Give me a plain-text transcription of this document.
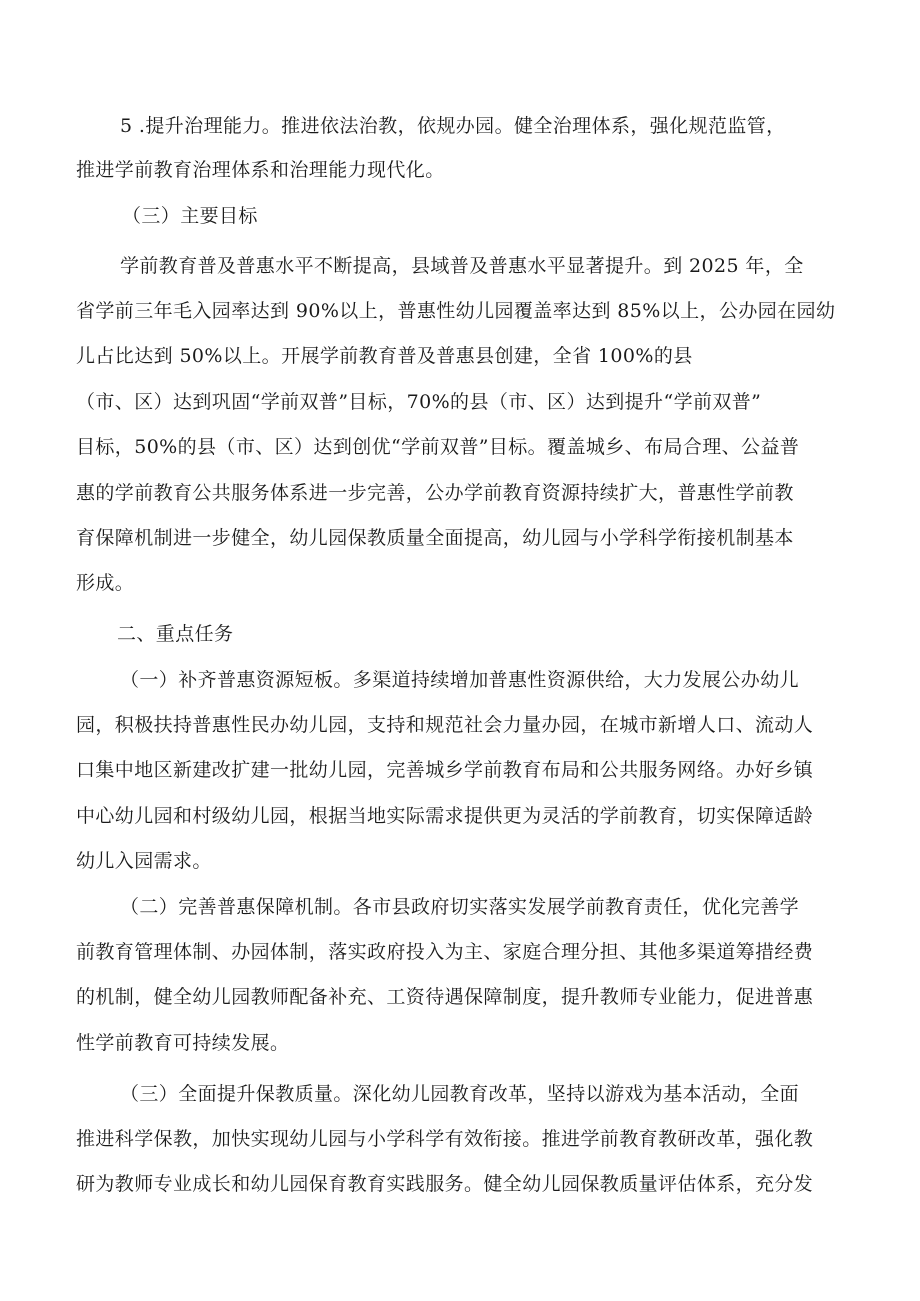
5 .提升治理能力。推进依法治教，依规办园。健全治理体系，强化规范监管，
推进学前教育治理体系和治理能力现代化。
（三）主要目标
学前教育普及普惠水平不断提高，县域普及普惠水平显著提升。到 2025 年，全
省学前三年毛入园率达到 90%以上，普惠性幼儿园覆盖率达到 85%以上，公办园在园幼
儿占比达到 50%以上。开展学前教育普及普惠县创建，全省 100%的县
（市、区）达到巩固“学前双普”目标，70%的县（市、区）达到提升“学前双普”
目标，50%的县（市、区）达到创优“学前双普”目标。覆盖城乡、布局合理、公益普
惠的学前教育公共服务体系进一步完善，公办学前教育资源持续扩大，普惠性学前教
育保障机制进一步健全，幼儿园保教质量全面提高，幼儿园与小学科学衔接机制基本
形成。
二、重点任务
（一）补齐普惠资源短板。多渠道持续增加普惠性资源供给，大力发展公办幼儿
园，积极扶持普惠性民办幼儿园，支持和规范社会力量办园，在城市新增人口、流动人
口集中地区新建改扩建一批幼儿园，完善城乡学前教育布局和公共服务网络。办好乡镇
中心幼儿园和村级幼儿园，根据当地实际需求提供更为灵活的学前教育，切实保障适龄
幼儿入园需求。
（二）完善普惠保障机制。各市县政府切实落实发展学前教育责任，优化完善学
前教育管理体制、办园体制，落实政府投入为主、家庭合理分担、其他多渠道筹措经费
的机制，健全幼儿园教师配备补充、工资待遇保障制度，提升教师专业能力，促进普惠
性学前教育可持续发展。
（三）全面提升保教质量。深化幼儿园教育改革，坚持以游戏为基本活动，全面
推进科学保教，加快实现幼儿园与小学科学有效衔接。推进学前教育教研改革，强化教
研为教师专业成长和幼儿园保育教育实践服务。健全幼儿园保教质量评估体系，充分发
